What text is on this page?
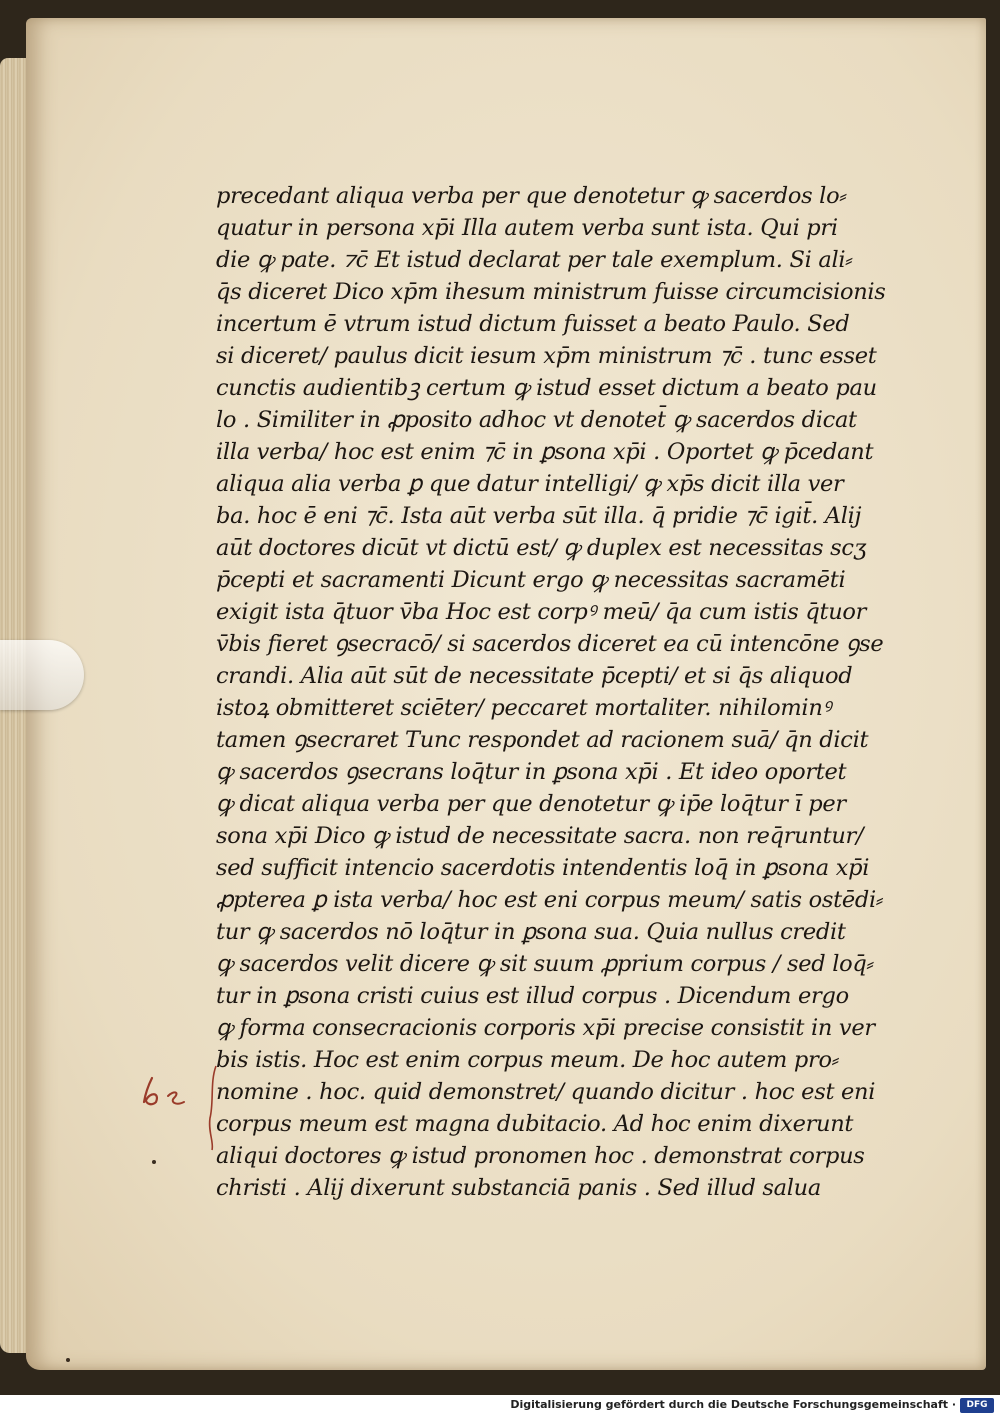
precedant aliqua verba per que denotetur ꝙ sacerdos lo⸗
quatur in persona xp̄i Illa autem verba sunt ista. Qui pri
die ꝙ pate. ⁊c̄ Et istud declarat per tale exemplum. Si ali⸗
q̄s diceret Dico xp̄m ihesum ministrum fuisse circumcisionis
incertum ē vtrum istud dictum fuisset a beato Paulo. Sed
si diceret/ paulus dicit iesum xp̄m ministrum ⁊c̄ . tunc esset
cunctis audientibꝫ certum ꝙ istud esset dictum a beato pau
lo . Similiter in ꝓposito adhoc vt denotet̄ ꝙ sacerdos dicat
illa verba/ hoc est enim ⁊c̄ in ꝑsona xp̄i . Oportet ꝙ p̄cedant
aliqua alia verba ꝑ que datur intelligi/ ꝙ xp̄s dicit illa ver
ba. hoc ē eni ⁊c̄. Ista aūt verba sūt illa. q̄ pridie ⁊c̄ igit̄. Alij
aūt doctores dicūt vt dictū est/ ꝙ duplex est necessitas scʒ
p̄cepti et sacramenti Dicunt ergo ꝙ necessitas sacramēti
exigit ista q̄tuor v̄ba Hoc est corpꝰ meū/ q̄a cum istis q̄tuor
v̄bis fieret ꝯsecracō/ si sacerdos diceret ea cū intencōne ꝯse
crandi. Alia aūt sūt de necessitate p̄cepti/ et si q̄s aliquod
istoꝝ obmitteret sciēter/ peccaret mortaliter. nihilominꝰ
tamen ꝯsecraret Tunc respondet ad racionem suā/ q̄n dicit
ꝙ sacerdos ꝯsecrans loq̄tur in ꝑsona xp̄i . Et ideo oportet
ꝙ dicat aliqua verba per que denotetur ꝙ ip̄e loq̄tur ī per
sona xp̄i Dico ꝙ istud de necessitate sacra. non req̄runtur/
sed sufficit intencio sacerdotis intendentis loq̄ in ꝑsona xp̄i
ꝓpterea ꝑ ista verba/ hoc est eni corpus meum/ satis ostēdi⸗
tur ꝙ sacerdos nō loq̄tur in ꝑsona sua. Quia nullus credit
ꝙ sacerdos velit dicere ꝙ sit suum ꝓprium corpus / sed loq̄⸗
tur in ꝑsona cristi cuius est illud corpus . Dicendum ergo
ꝙ forma consecracionis corporis xp̄i precise consistit in ver
bis istis. Hoc est enim corpus meum. De hoc autem pro⸗
nomine . hoc. quid demonstret/ quando dicitur . hoc est eni
corpus meum est magna dubitacio. Ad hoc enim dixerunt
aliqui doctores ꝙ istud pronomen hoc . demonstrat corpus
christi . Alij dixerunt substanciā panis . Sed illud salua
Digitalisierung gefördert durch die Deutsche Forschungsgemeinschaft ·	DFG
